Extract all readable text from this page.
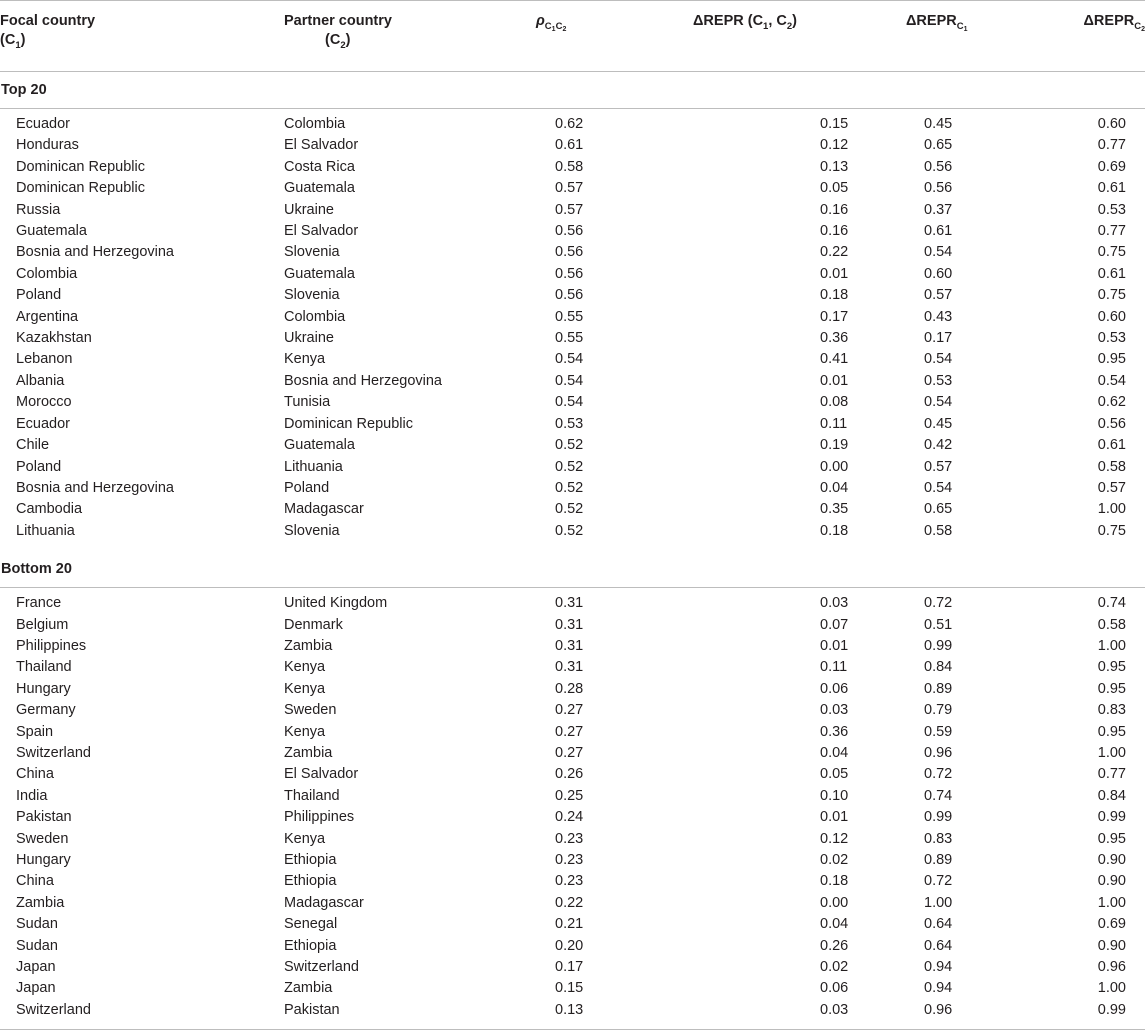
Focal country
$(C_1)$	Partner country
$(C_2)$	$\rho_{C_1C_2}$	ΔREPR ($C_1$, $C_2$)	$\Delta REPR_{C_1}$	$\Delta REPR_{C_2}$
Top 20					

Ecuador	Colombia	0.62	0.15	0.45	0.60
Honduras	El Salvador	0.61	0.12	0.65	0.77
Dominican Republic	Costa Rica	0.58	0.13	0.56	0.69
Dominican Republic	Guatemala	0.57	0.05	0.56	0.61
Russia	Ukraine	0.57	0.16	0.37	0.53
Guatemala	El Salvador	0.56	0.16	0.61	0.77
Bosnia and Herzegovina	Slovenia	0.56	0.22	0.54	0.75
Colombia	Guatemala	0.56	0.01	0.60	0.61
Poland	Slovenia	0.56	0.18	0.57	0.75
Argentina	Colombia	0.55	0.17	0.43	0.60
Kazakhstan	Ukraine	0.55	0.36	0.17	0.53
Lebanon	Kenya	0.54	0.41	0.54	0.95
Albania	Bosnia and Herzegovina	0.54	0.01	0.53	0.54
Morocco	Tunisia	0.54	0.08	0.54	0.62
Ecuador	Dominican Republic	0.53	0.11	0.45	0.56
Chile	Guatemala	0.52	0.19	0.42	0.61
Poland	Lithuania	0.52	0.00	0.57	0.58
Bosnia and Herzegovina	Poland	0.52	0.04	0.54	0.57
Cambodia	Madagascar	0.52	0.35	0.65	1.00
Lithuania	Slovenia	0.52	0.18	0.58	0.75

Bottom 20					

France	United Kingdom	0.31	0.03	0.72	0.74
Belgium	Denmark	0.31	0.07	0.51	0.58
Philippines	Zambia	0.31	0.01	0.99	1.00
Thailand	Kenya	0.31	0.11	0.84	0.95
Hungary	Kenya	0.28	0.06	0.89	0.95
Germany	Sweden	0.27	0.03	0.79	0.83
Spain	Kenya	0.27	0.36	0.59	0.95
Switzerland	Zambia	0.27	0.04	0.96	1.00
China	El Salvador	0.26	0.05	0.72	0.77
India	Thailand	0.25	0.10	0.74	0.84
Pakistan	Philippines	0.24	0.01	0.99	0.99
Sweden	Kenya	0.23	0.12	0.83	0.95
Hungary	Ethiopia	0.23	0.02	0.89	0.90
China	Ethiopia	0.23	0.18	0.72	0.90
Zambia	Madagascar	0.22	0.00	1.00	1.00
Sudan	Senegal	0.21	0.04	0.64	0.69
Sudan	Ethiopia	0.20	0.26	0.64	0.90
Japan	Switzerland	0.17	0.02	0.94	0.96
Japan	Zambia	0.15	0.06	0.94	1.00
Switzerland	Pakistan	0.13	0.03	0.96	0.99
